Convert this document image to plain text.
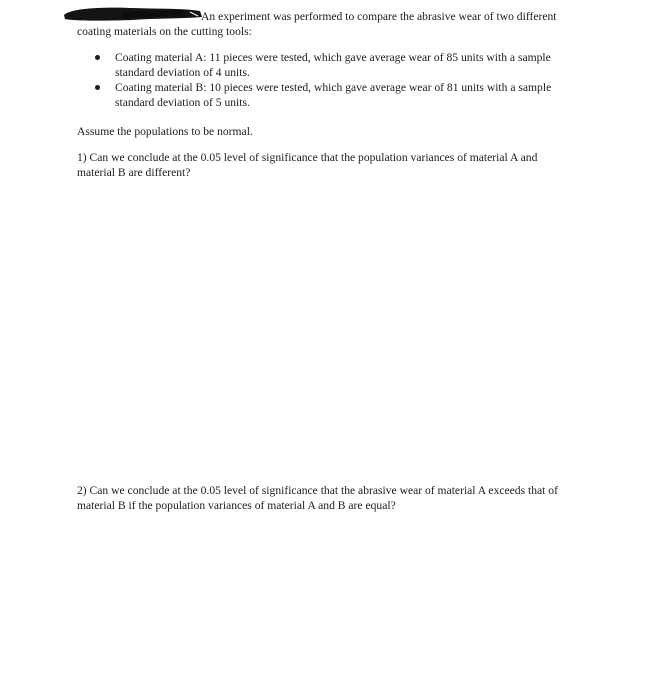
An experiment was performed to compare the abrasive wear of two different coating materials on the cutting tools:

Coating material A: 11 pieces were tested, which gave average wear of 85 units with a sample standard deviation of 4 units.
Coating material B: 10 pieces were tested, which gave average wear of 81 units with a sample standard deviation of 5 units.

Assume the populations to be normal.

1) Can we conclude at the 0.05 level of significance that the population variances of material A and material B are different?

2) Can we conclude at the 0.05 level of significance that the abrasive wear of material A exceeds that of material B if the population variances of material A and B are equal?
